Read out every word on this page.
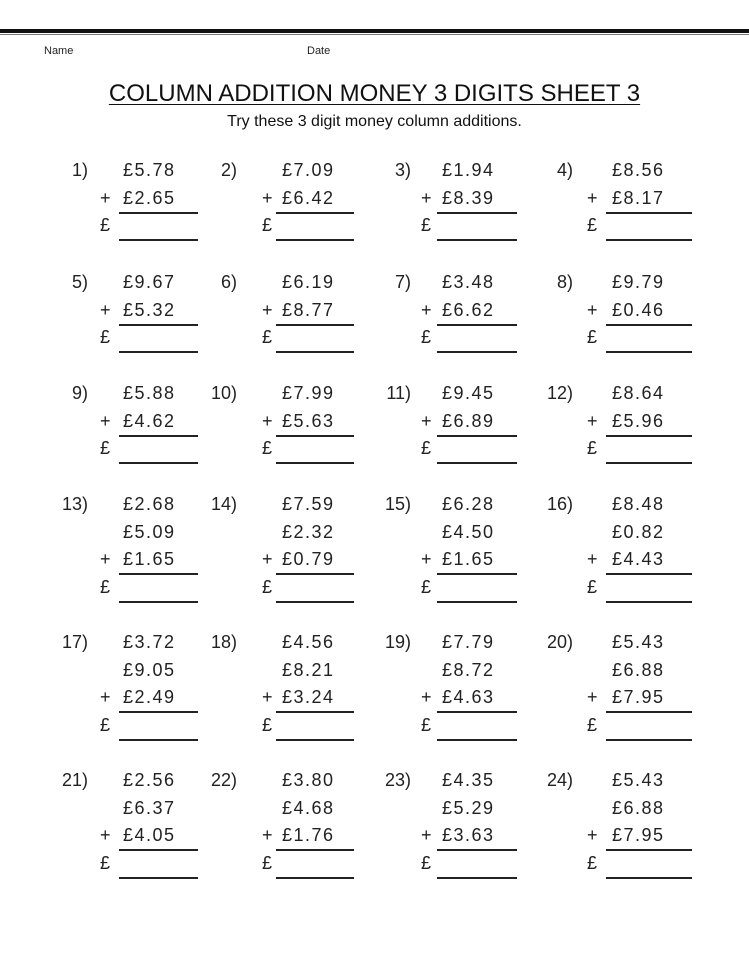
Name	Date
COLUMN ADDITION MONEY 3 DIGITS SHEET 3
Try these 3 digit money column additions.
1) £5.78
£2.65
+
£
2)	£7.09
£6.42
+
£
3) £1.94
£8.39
+
£
4) £8.56
£8.17
+
£
5) £9.67
£5.32
+
£
6)	£6.19
£8.77
+
£
7) £3.48
£6.62
+
£
8) £9.79
£0.46
+
£
9) £5.88
£4.62
+
£
10)	£7.99
£5.63
+
£
11) £9.45
£6.89
+
£
12) £8.64
£5.96
+
£
13) £2.68
£5.09
£1.65
+
£
14)	£7.59
£2.32
£0.79
+
£
15) £6.28
£4.50
£1.65
+
£
16) £8.48
£0.82
£4.43
+
£
17) £3.72
£9.05
£2.49
+
£
18)	£4.56
£8.21
£3.24
+
£
19) £7.79
£8.72
£4.63
+
£
20) £5.43
£6.88
£7.95
+
£
21) £2.56
£6.37
£4.05
+
£
22)	£3.80
£4.68
£1.76
+
£
23) £4.35
£5.29
£3.63
+
£
24) £5.43
£6.88
£7.95
+
£
